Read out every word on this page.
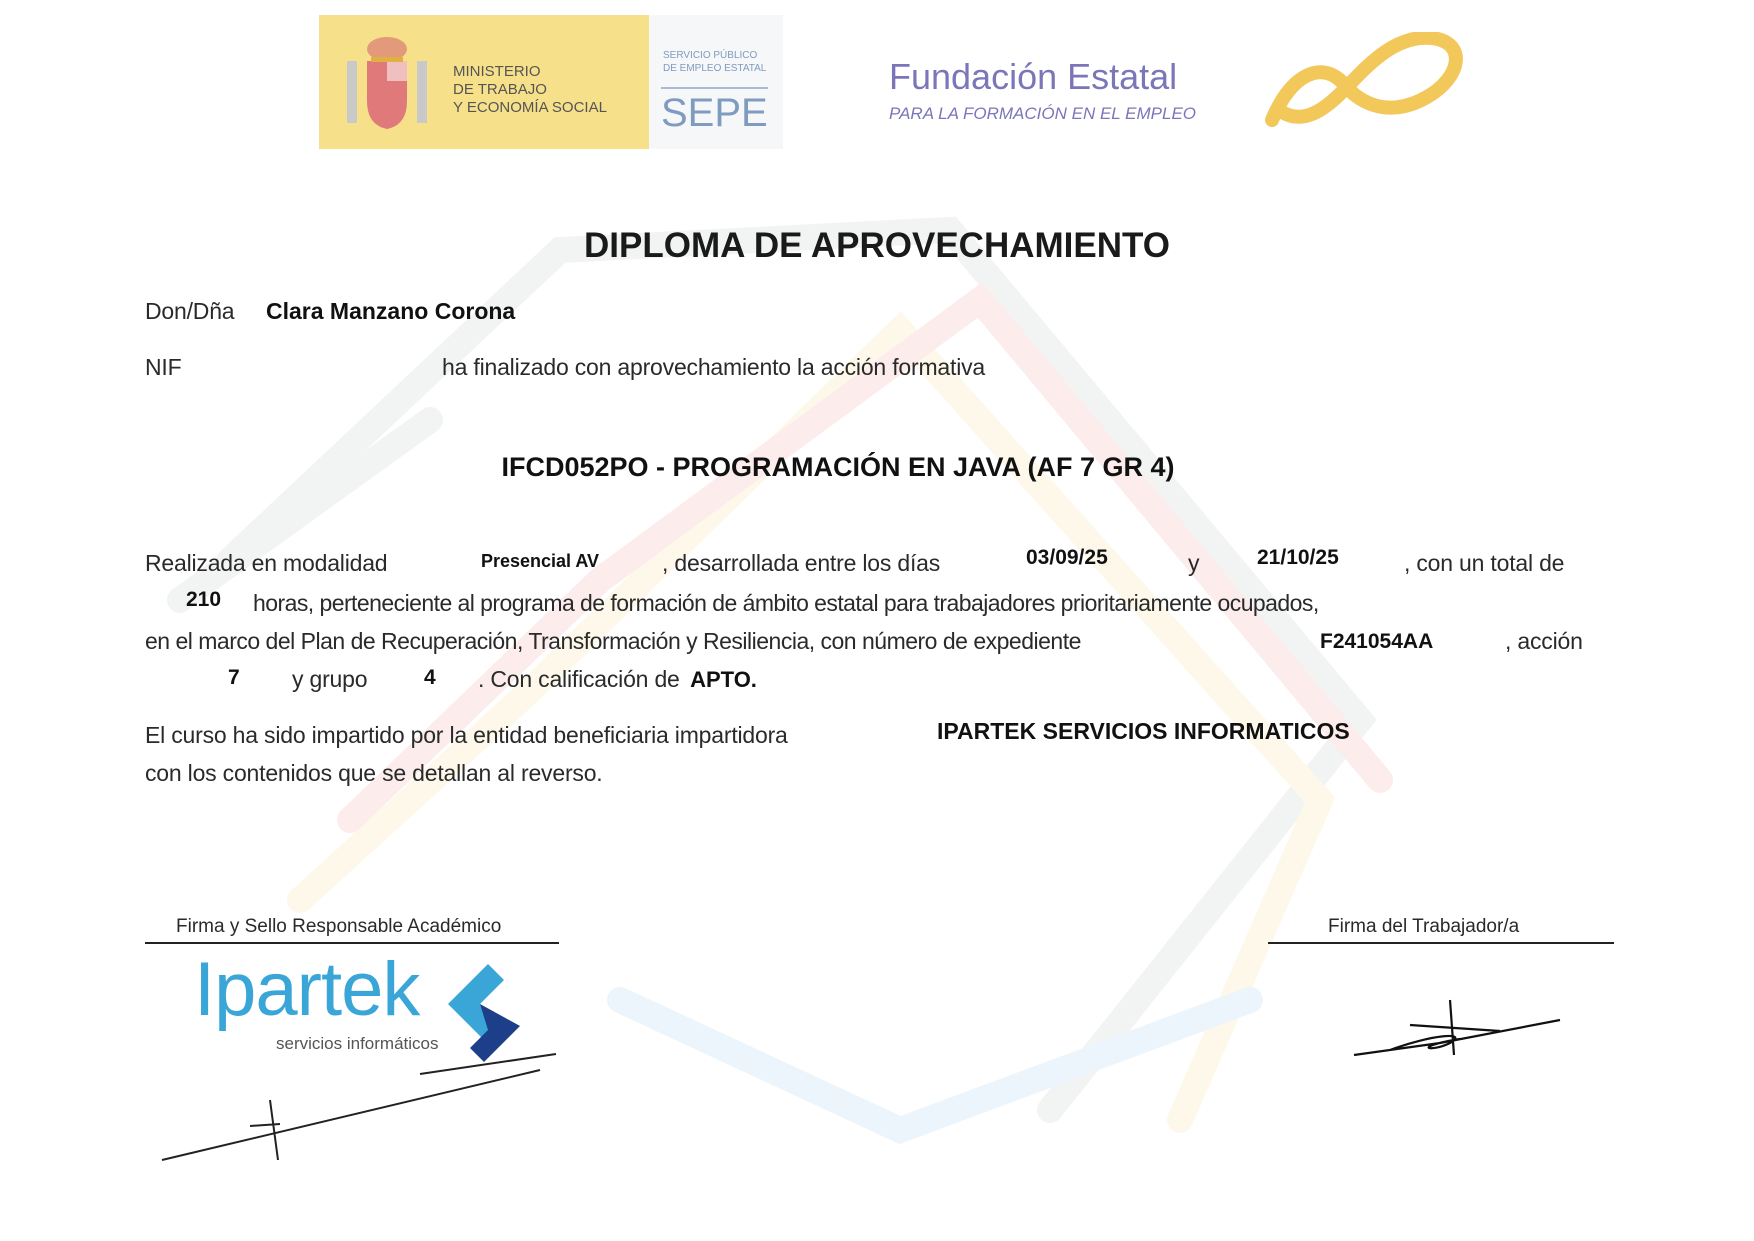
MINISTERIO
DE TRABAJO
Y ECONOMÍA SOCIAL
SERVICIO PÚBLICO
DE EMPLEO ESTATAL
SEPE
Fundación Estatal
PARA LA FORMACIÓN EN EL EMPLEO
DIPLOMA DE APROVECHAMIENTO
Don/Dña Clara Manzano Corona
NIF	ha finalizado con aprovechamiento la acción formativa
IFCD052PO - PROGRAMACIÓN EN JAVA (AF 7 GR 4)
Realizada en modalidad	Presencial AV	, desarrollada entre los días	03/09/25	y	21/10/25	, con un total de
210 horas, perteneciente al programa de formación de ámbito estatal para trabajadores prioritariamente ocupados,
en el marco del Plan de Recuperación, Transformación y Resiliencia, con número de expediente	F241054AA	, acción
7 y grupo	4 . Con calificación de APTO.
El curso ha sido impartido por la entidad beneficiaria impartidora	IPARTEK SERVICIOS INFORMATICOS
con los contenidos que se detallan al reverso.
Firma y Sello Responsable Académico	Firma del Trabajador/a
Ipartek
servicios informáticos
